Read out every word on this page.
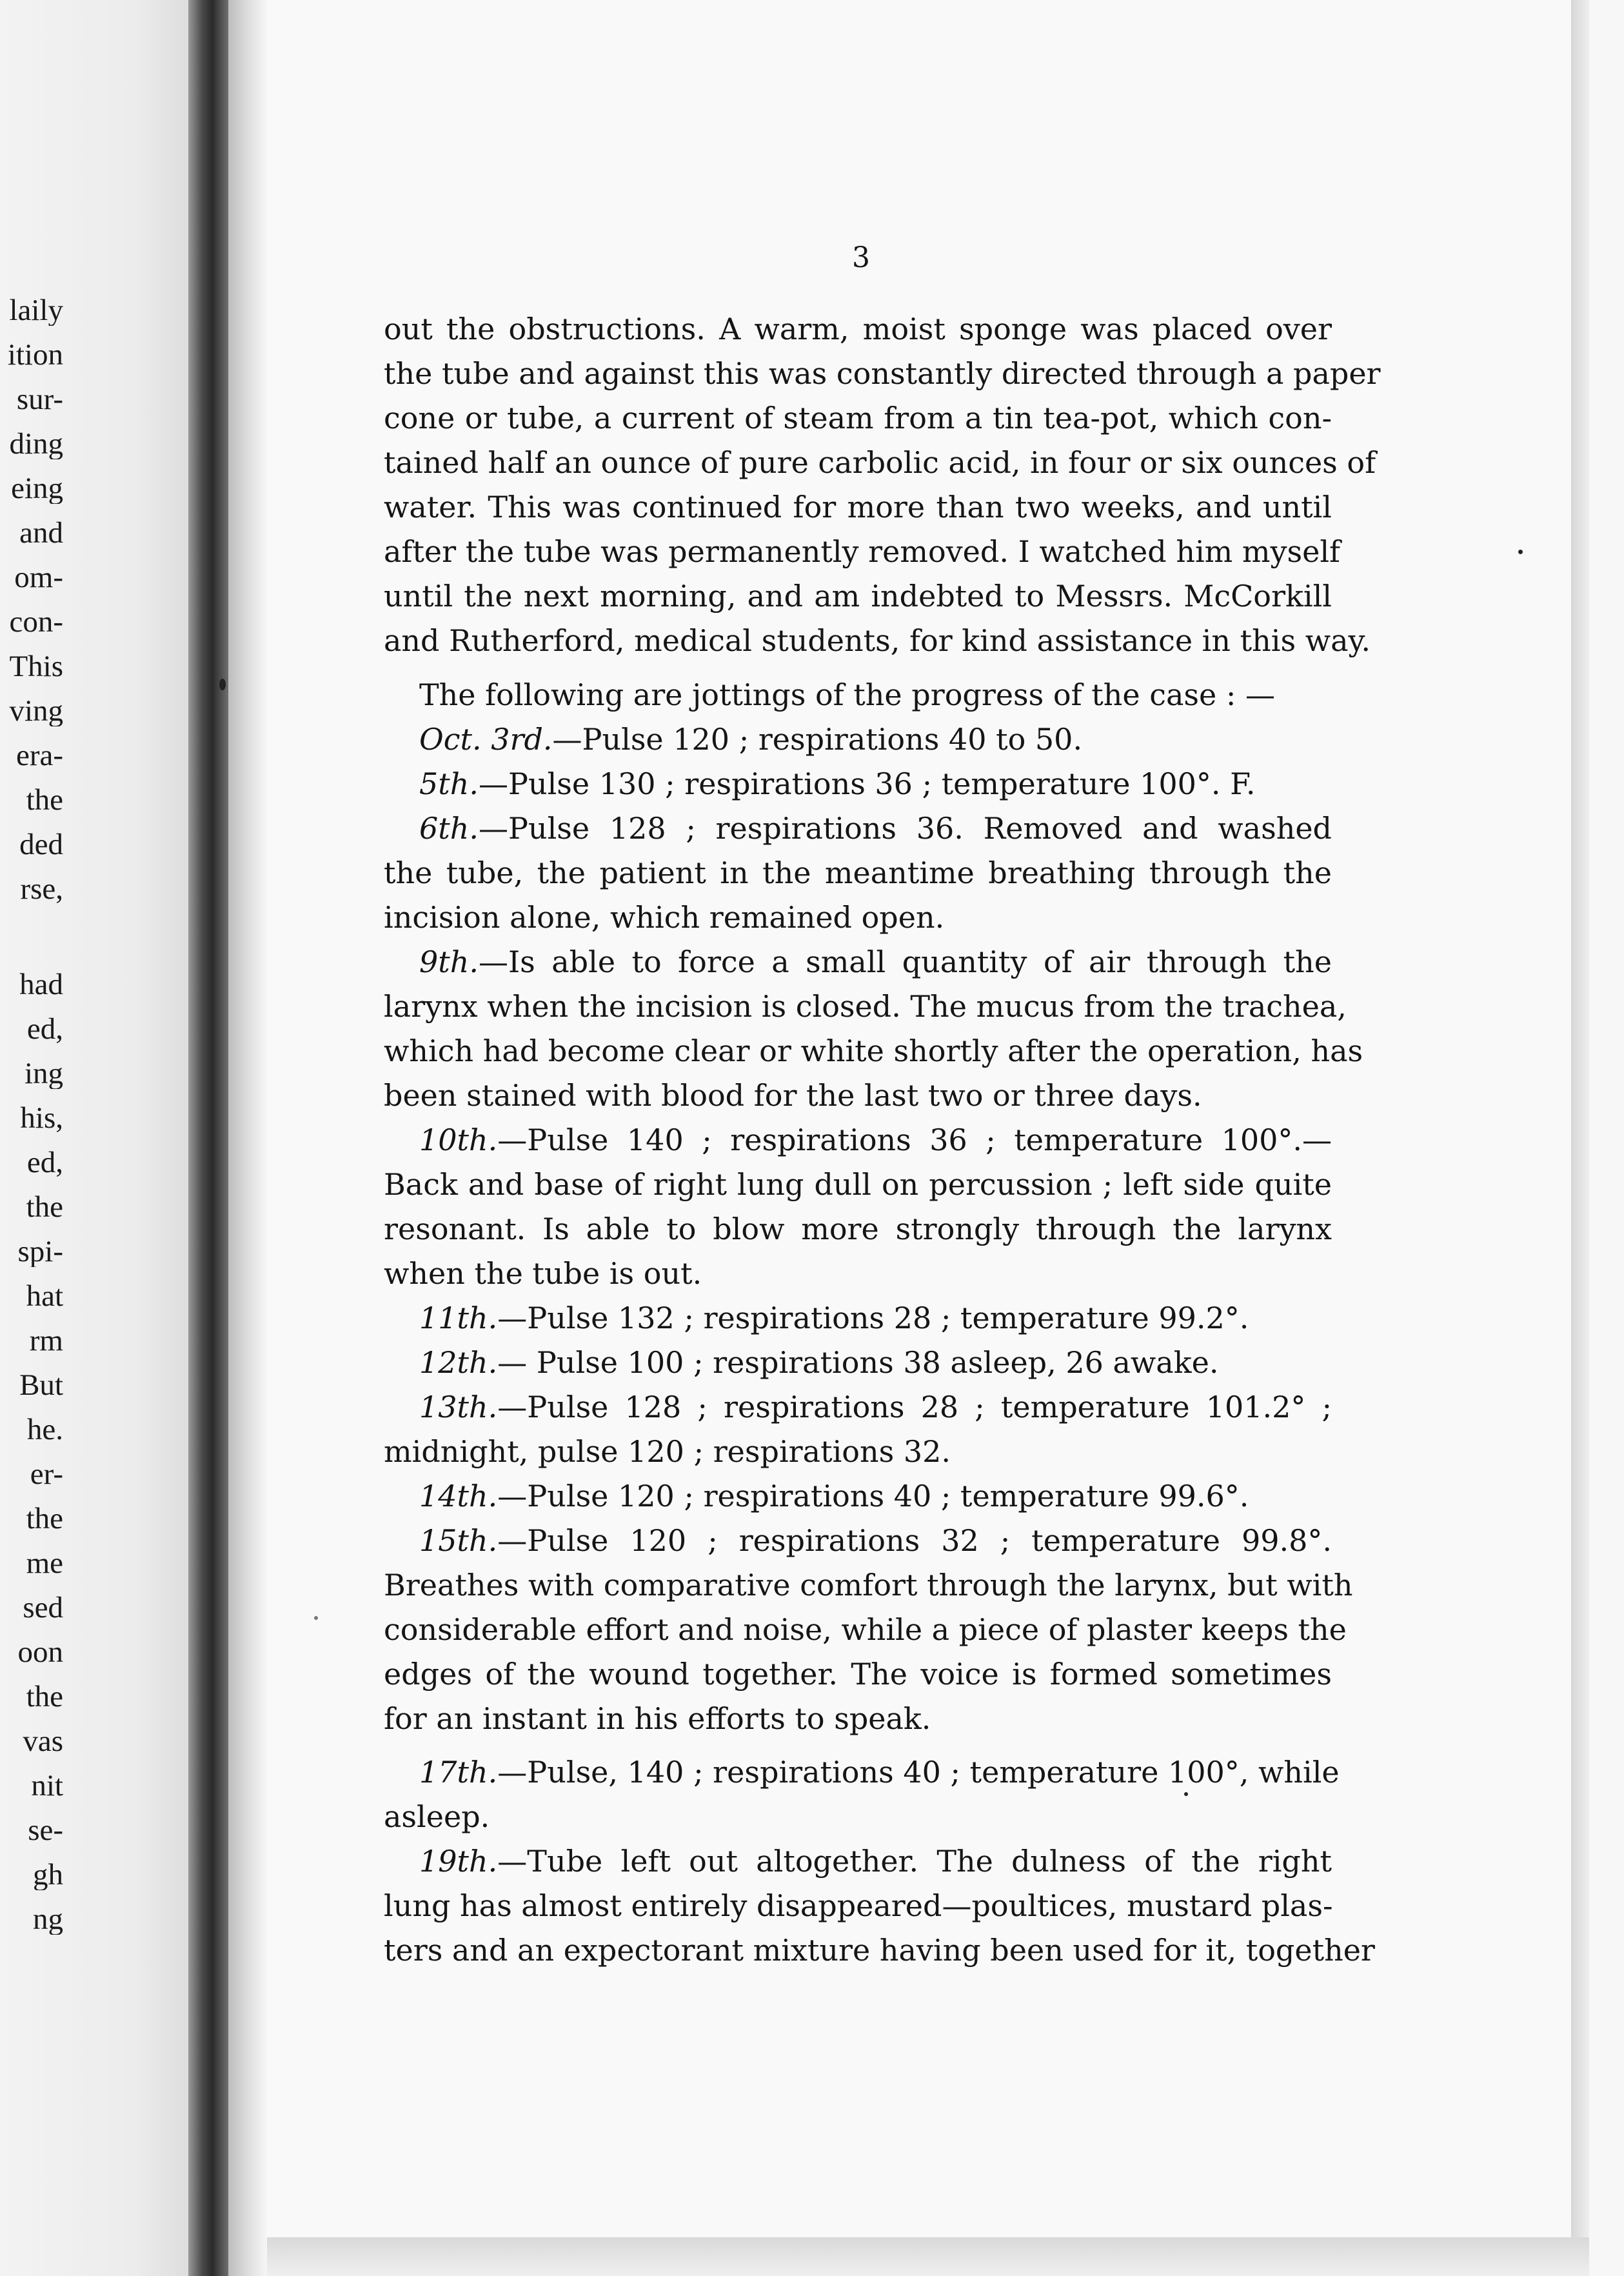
laily
ition
sur-
ding
eing
and
om-
con-
This
ving
era-
the
ded
rse,
had
ed,
ing
his,
ed,
the
spi-
hat
rm
But
he.
er-
the
me
sed
oon
the
vas
nit
se-
gh
ng
3
out the obstructions. A warm, moist sponge was placed over
the tube and against this was constantly directed through a paper
cone or tube, a current of steam from a tin tea-pot, which con-
tained half an ounce of pure carbolic acid, in four or six ounces of
water. This was continued for more than two weeks, and until
after the tube was permanently removed. I watched him myself
until the next morning, and am indebted to Messrs. McCorkill
and Rutherford, medical students, for kind assistance in this way.
The following are jottings of the progress of the case : —
Oct. 3rd.—Pulse 120 ; respirations 40 to 50.
5th.—Pulse 130 ; respirations 36 ; temperature 100°. F.
6th.—Pulse 128 ; respirations 36. Removed and washed
the tube, the patient in the meantime breathing through the
incision alone, which remained open.
9th.—Is able to force a small quantity of air through the
larynx when the incision is closed. The mucus from the trachea,
which had become clear or white shortly after the operation, has
been stained with blood for the last two or three days.
10th.—Pulse 140 ; respirations 36 ; temperature 100°.—
Back and base of right lung dull on percussion ; left side quite
resonant. Is able to blow more strongly through the larynx
when the tube is out.
11th.—Pulse 132 ; respirations 28 ; temperature 99.2°.
12th.— Pulse 100 ; respirations 38 asleep, 26 awake.
13th.—Pulse 128 ; respirations 28 ; temperature 101.2° ;
midnight, pulse 120 ; respirations 32.
14th.—Pulse 120 ; respirations 40 ; temperature 99.6°.
15th.—Pulse 120 ; respirations 32 ; temperature 99.8°.
Breathes with comparative comfort through the larynx, but with
considerable effort and noise, while a piece of plaster keeps the
edges of the wound together. The voice is formed sometimes
for an instant in his efforts to speak.
17th.—Pulse, 140 ; respirations 40 ; temperature 100°, while
asleep.
19th.—Tube left out altogether. The dulness of the right
lung has almost entirely disappeared—poultices, mustard plas-
ters and an expectorant mixture having been used for it, together
